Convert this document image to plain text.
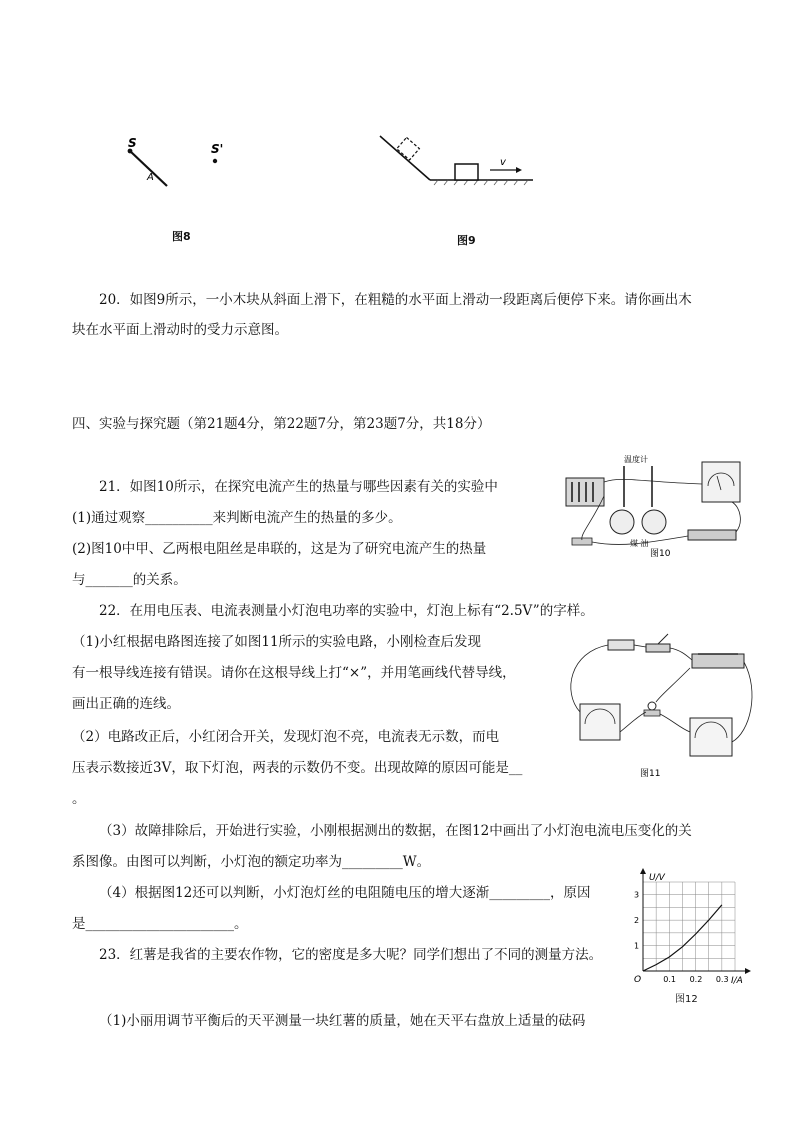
S	S'
A
图8
v
图9
20．如图9所示，一小木块从斜面上滑下，在粗糙的水平面上滑动一段距离后便停下来。请你画出木
块在水平面上滑动时的受力示意图。
四、实验与探究题（第21题4分，第22题7分，第23题7分，共18分）
21．如图10所示，在探究电流产生的热量与哪些因素有关的实验中
(1)通过观察__________来判断电流产生的热量的多少。
(2)图10中甲、乙两根电阻丝是串联的，这是为了研究电流产生的热量
与_______的关系。
温度计
煤 油
图10
22．在用电压表、电流表测量小灯泡电功率的实验中，灯泡上标有“2.5V”的字样。
（1)小红根据电路图连接了如图11所示的实验电路，小刚检查后发现
有一根导线连接有错误。请你在这根导线上打“×”，并用笔画线代替导线，
画出正确的连线。
（2）电路改正后，小红闭合开关，发现灯泡不亮，电流表无示数，而电
压表示数接近3V，取下灯泡，两表的示数仍不变。出现故障的原因可能是__
。
（3）故障排除后，开始进行实验，小刚根据测出的数据，在图12中画出了小灯泡电流电压变化的关
系图像。由图可以判断，小灯泡的额定功率为_________W。
（4）根据图12还可以判断，小灯泡灯丝的电阻随电压的增大逐渐_________，原因
是______________________。
图11
0.1 0.2 0.3
1
2
3
U/V
I/A
O
图12
23．红薯是我省的主要农作物，它的密度是多大呢？同学们想出了不同的测量方法。
（1)小丽用调节平衡后的天平测量一块红薯的质量，她在天平右盘放上适量的砝码
